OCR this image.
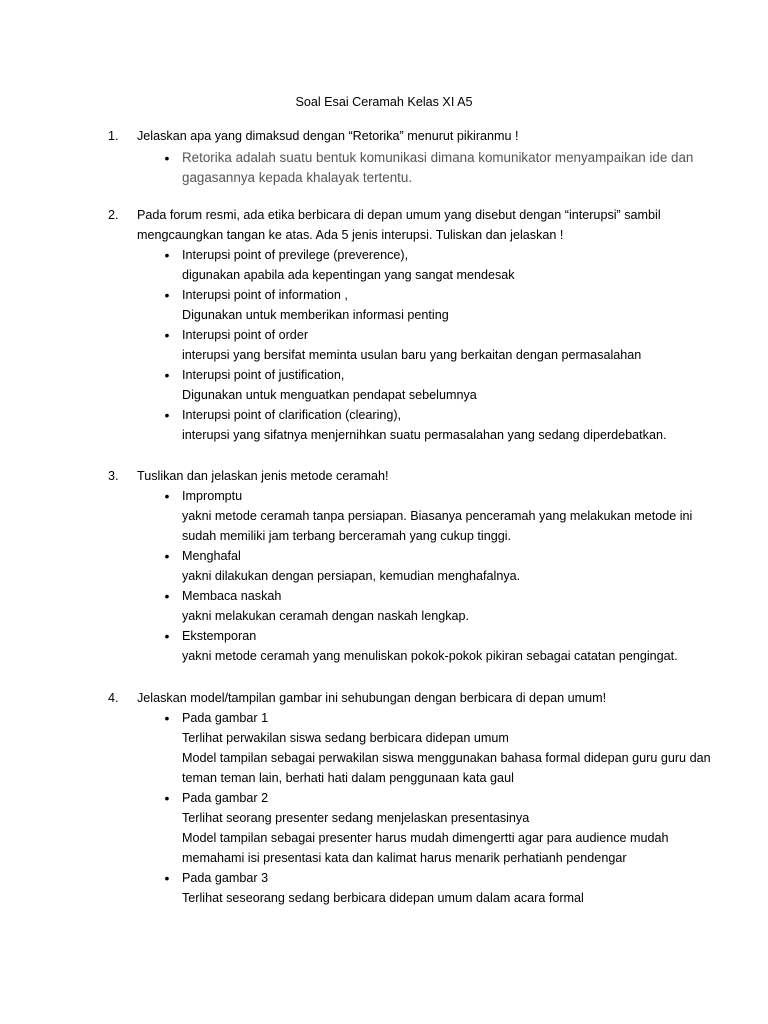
Soal Esai Ceramah Kelas XI A5
1.	Jelaskan apa yang dimaksud dengan “Retorika” menurut pikiranmu !
• Retorika adalah suatu bentuk komunikasi dimana komunikator menyampaikan ide dan gagasannya kepada khalayak tertentu.
2.	Pada forum resmi, ada etika berbicara di depan umum yang disebut dengan “interupsi” sambil mengcaungkan tangan ke atas. Ada 5 jenis interupsi. Tuliskan dan jelaskan !
• Interupsi point of previlege (preverence),
digunakan apabila ada kepentingan yang sangat mendesak
• Interupsi point of information ,
Digunakan untuk memberikan informasi penting
• Interupsi point of order
interupsi yang bersifat meminta usulan baru yang berkaitan dengan permasalahan
• Interupsi point of justification,
Digunakan untuk menguatkan pendapat sebelumnya
• Interupsi point of clarification (clearing),
interupsi yang sifatnya menjernihkan suatu permasalahan yang sedang diperdebatkan.
3.	Tuslikan dan jelaskan jenis metode ceramah!
• Impromptu
yakni metode ceramah tanpa persiapan. Biasanya penceramah yang melakukan metode ini sudah memiliki jam terbang berceramah yang cukup tinggi.
• Menghafal
yakni dilakukan dengan persiapan, kemudian menghafalnya.
• Membaca naskah
yakni melakukan ceramah dengan naskah lengkap.
• Ekstemporan
yakni metode ceramah yang menuliskan pokok-pokok pikiran sebagai catatan pengingat.
4.	Jelaskan model/tampilan gambar ini sehubungan dengan berbicara di depan umum!
• Pada gambar 1
Terlihat perwakilan siswa sedang berbicara didepan umum
Model tampilan sebagai perwakilan siswa menggunakan bahasa formal didepan guru guru dan teman teman lain, berhati hati dalam penggunaan kata gaul
• Pada gambar 2
Terlihat seorang presenter sedang menjelaskan presentasinya
Model tampilan sebagai presenter harus mudah dimengertti agar para audience mudah memahami isi presentasi kata dan kalimat harus menarik perhatianh pendengar
• Pada gambar 3
Terlihat seseorang sedang berbicara didepan umum dalam acara formal
